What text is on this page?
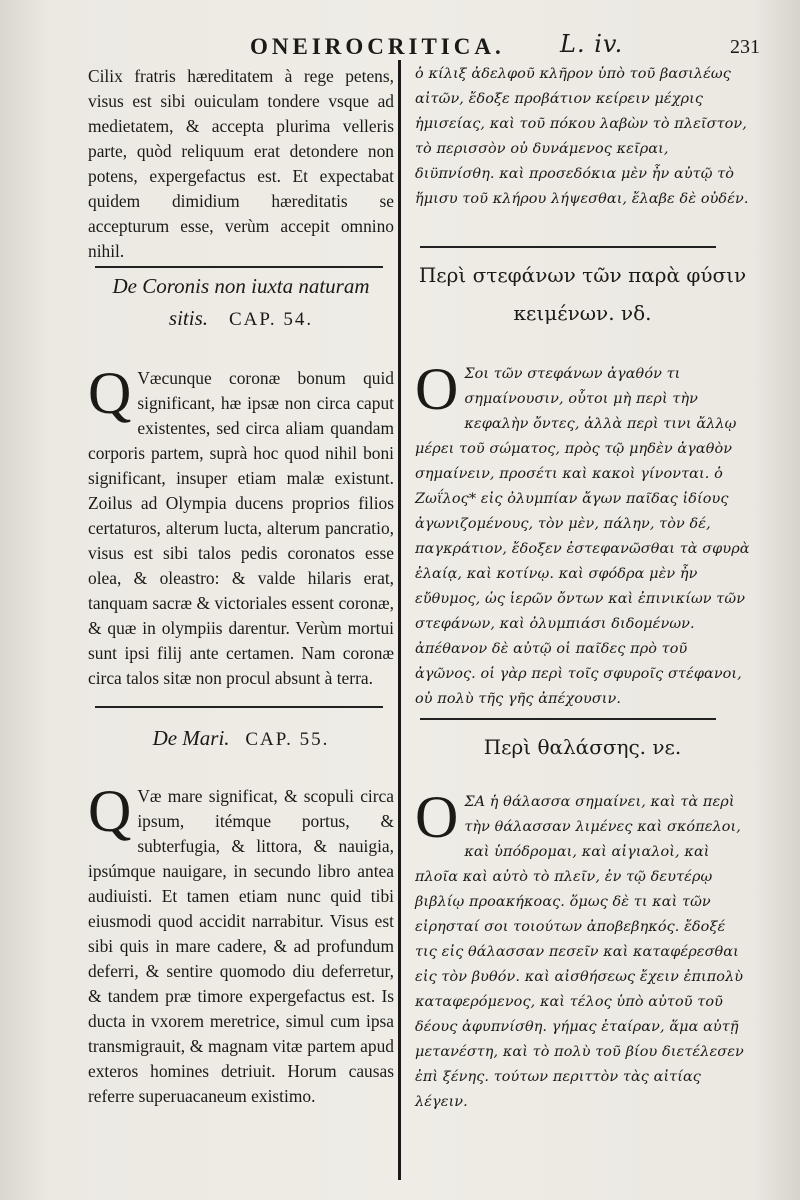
ONEIROCRITICA. L. iv.	231

Cilix fratris hæreditatem à rege petens, visus est sibi ouiculam tondere vsque ad medietatem, & accepta plurima velleris parte, quòd reliquum erat detondere non potens, expergefactus est. Et expectabat quidem dimidium hæreditatis se accepturum esse, verùm accepit omnino nihil.

De Coronis non iuxta naturam

sitis. CAP. 54.

Q Væcunque coronæ bonum quid significant, hæ ipsæ non circa caput existentes, sed circa aliam quandam corporis partem, suprà hoc quod nihil boni significant, insuper etiam malæ existunt. Zoilus ad Olympia ducens proprios filios certaturos, alterum lucta, alterum pancratio, visus est sibi talos pedis coronatos esse olea, & oleastro: & valde hilaris erat, tanquam sacræ & victoriales essent coronæ, & quæ in olympiis darentur. Verùm mortui sunt ipsi filij ante certamen. Nam coronæ circa talos sitæ non procul absunt à terra.

De Mari. CAP. 55.

Q Væ mare significat, & scopuli circa ipsum, itémque portus, & subterfugia, & littora, & nauigia, ipsúmque nauigare, in secundo libro antea audiuisti. Et tamen etiam nunc quid tibi eiusmodi quod accidit narrabitur. Visus est sibi quis in mare cadere, & ad profundum deferri, & sentire quomodo diu deferretur, & tandem præ timore expergefactus est. Is ducta in vxorem meretrice, simul cum ipsa transmigrauit, & magnam vitæ partem apud exteros homines detriuit. Horum causas referre superuacaneum existimo.

ὁ κίλιξ ἀδελφοῦ κλῆρον ὑπὸ τοῦ βασιλέως αἰτῶν, ἔδοξε προβάτιον κείρειν μέχρις ἡμισείας, καὶ τοῦ πόκου λαβὼν τὸ πλεῖστον, τὸ περισσὸν οὐ δυνάμενος κεῖραι, διϋπνίσθη. καὶ προσεδόκια μὲν ἦν αὐτῷ τὸ ἥμισυ τοῦ κλήρου λήψεσθαι, ἔλαβε δὲ οὐδέν.

Περὶ στεφάνων τῶν παρὰ φύσιν

κειμένων. νδ.

Ο Σοι τῶν στεφάνων ἀγαθόν τι σημαίνουσιν, οὗτοι μὴ περὶ τὴν κεφαλὴν ὄντες, ἀλλὰ περὶ τινι ἄλλῳ μέρει τοῦ σώματος, πρὸς τῷ μηδὲν ἀγαθὸν σημαίνειν, προσέτι καὶ κακοὶ γίνονται. ὁ Ζωΐλος* εἰς ὀλυμπίαν ἄγων παῖδας ἰδίους ἀγωνιζομένους, τὸν μὲν, πάλην, τὸν δέ, παγκράτιον, ἔδοξεν ἐστεφανῶσθαι τὰ σφυρὰ ἐλαίᾳ, καὶ κοτίνῳ. καὶ σφόδρα μὲν ἦν εὔθυμος, ὡς ἱερῶν ὄντων καὶ ἐπινικίων τῶν στεφάνων, καὶ ὀλυμπιάσι διδομένων. ἀπέθανον δὲ αὐτῷ οἱ παῖδες πρὸ τοῦ ἀγῶνος. οἱ γὰρ περὶ τοῖς σφυροῖς στέφανοι, οὐ πολὺ τῆς γῆς ἀπέχουσιν.

Περὶ θαλάσσης. νε.

Ο ΣΑ ἡ θάλασσα σημαίνει, καὶ τὰ περὶ τὴν θάλασσαν λιμένες καὶ σκόπελοι, καὶ ὑπόδρομαι, καὶ αἰγιαλοὶ, καὶ πλοῖα καὶ αὐτὸ τὸ πλεῖν, ἐν τῷ δευτέρῳ βιβλίῳ προακήκοας. ὅμως δὲ τι καὶ τῶν εἰρησταί σοι τοιούτων ἀποβεβηκός. ἔδοξέ τις εἰς θάλασσαν πεσεῖν καὶ καταφέρεσθαι εἰς τὸν βυθόν. καὶ αἰσθήσεως ἔχειν ἐπιπολὺ καταφερόμενος, καὶ τέλος ὑπὸ αὐτοῦ τοῦ δέους ἀφυπνίσθη. γήμας ἑταίραν, ἅμα αὐτῇ μετανέστη, καὶ τὸ πολὺ τοῦ βίου διετέλεσεν ἐπὶ ξένης. τούτων περιττὸν τὰς αἰτίας λέγειν.
